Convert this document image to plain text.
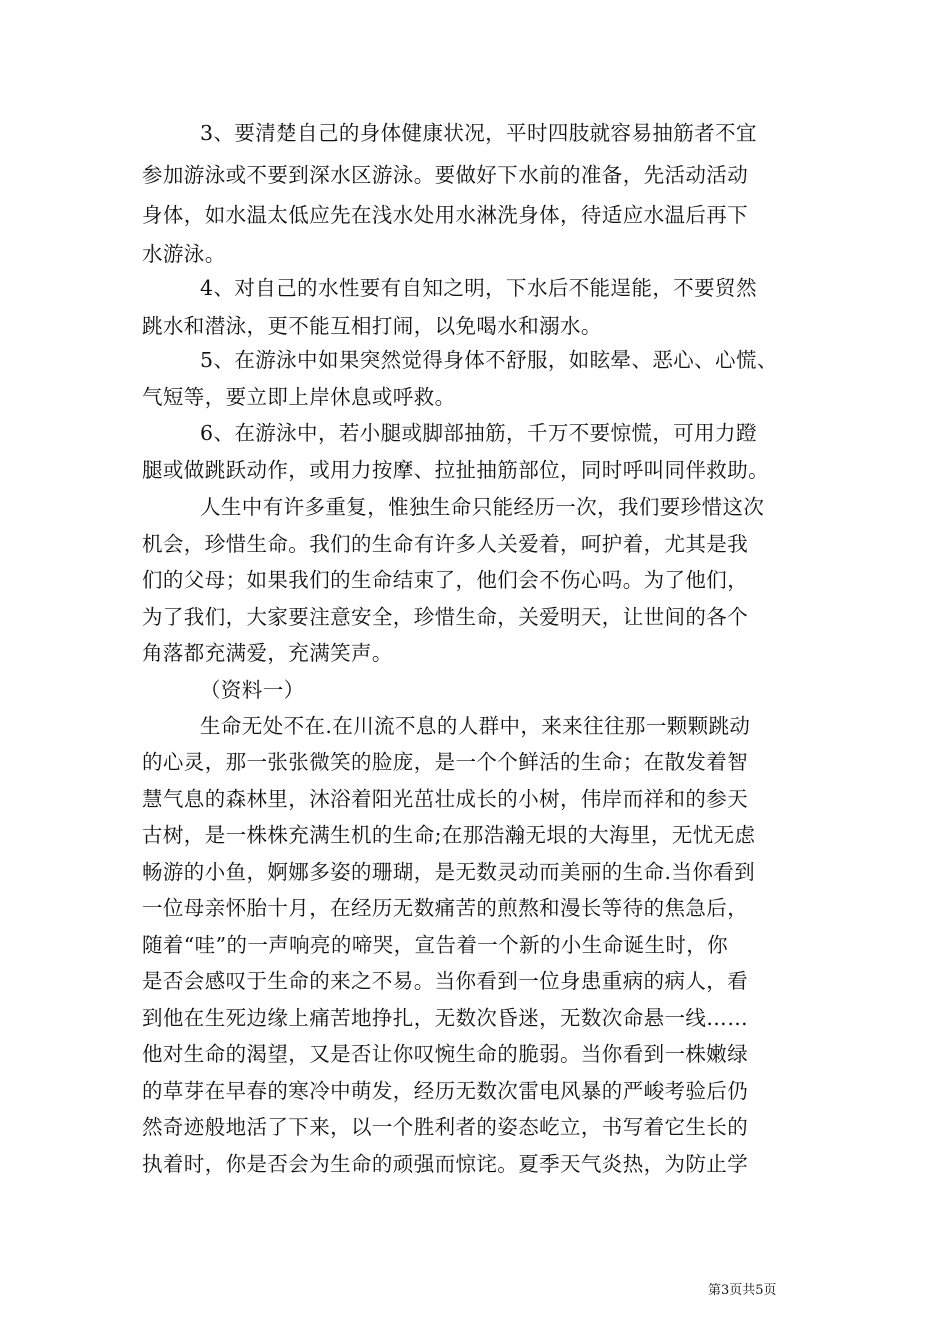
3、要清楚自己的身体健康状况，平时四肢就容易抽筋者不宜
参加游泳或不要到深水区游泳。要做好下水前的准备，先活动活动
身体，如水温太低应先在浅水处用水淋洗身体，待适应水温后再下
水游泳。
4、对自己的水性要有自知之明，下水后不能逞能，不要贸然
跳水和潜泳，更不能互相打闹，以免喝水和溺水。
5、在游泳中如果突然觉得身体不舒服，如眩晕、恶心、心慌、
气短等，要立即上岸休息或呼救。
6、在游泳中，若小腿或脚部抽筋，千万不要惊慌，可用力蹬
腿或做跳跃动作，或用力按摩、拉扯抽筋部位，同时呼叫同伴救助。
人生中有许多重复，惟独生命只能经历一次，我们要珍惜这次
机会，珍惜生命。我们的生命有许多人关爱着，呵护着，尤其是我
们的父母；如果我们的生命结束了，他们会不伤心吗。为了他们，
为了我们，大家要注意安全，珍惜生命，关爱明天，让世间的各个
角落都充满爱，充满笑声。
（资料一）
生命无处不在.在川流不息的人群中，来来往往那一颗颗跳动
的心灵，那一张张微笑的脸庞，是一个个鲜活的生命；在散发着智
慧气息的森林里，沐浴着阳光茁壮成长的小树，伟岸而祥和的参天
古树，是一株株充满生机的生命;在那浩瀚无垠的大海里，无忧无虑
畅游的小鱼，婀娜多姿的珊瑚，是无数灵动而美丽的生命.当你看到
一位母亲怀胎十月，在经历无数痛苦的煎熬和漫长等待的焦急后，
随着“哇”的一声响亮的啼哭，宣告着一个新的小生命诞生时，你
是否会感叹于生命的来之不易。当你看到一位身患重病的病人，看
到他在生死边缘上痛苦地挣扎，无数次昏迷，无数次命悬一线……
他对生命的渴望，又是否让你叹惋生命的脆弱。当你看到一株嫩绿
的草芽在早春的寒冷中萌发，经历无数次雷电风暴的严峻考验后仍
然奇迹般地活了下来，以一个胜利者的姿态屹立，书写着它生长的
执着时，你是否会为生命的顽强而惊诧。夏季天气炎热，为防止学
第3页共5页
